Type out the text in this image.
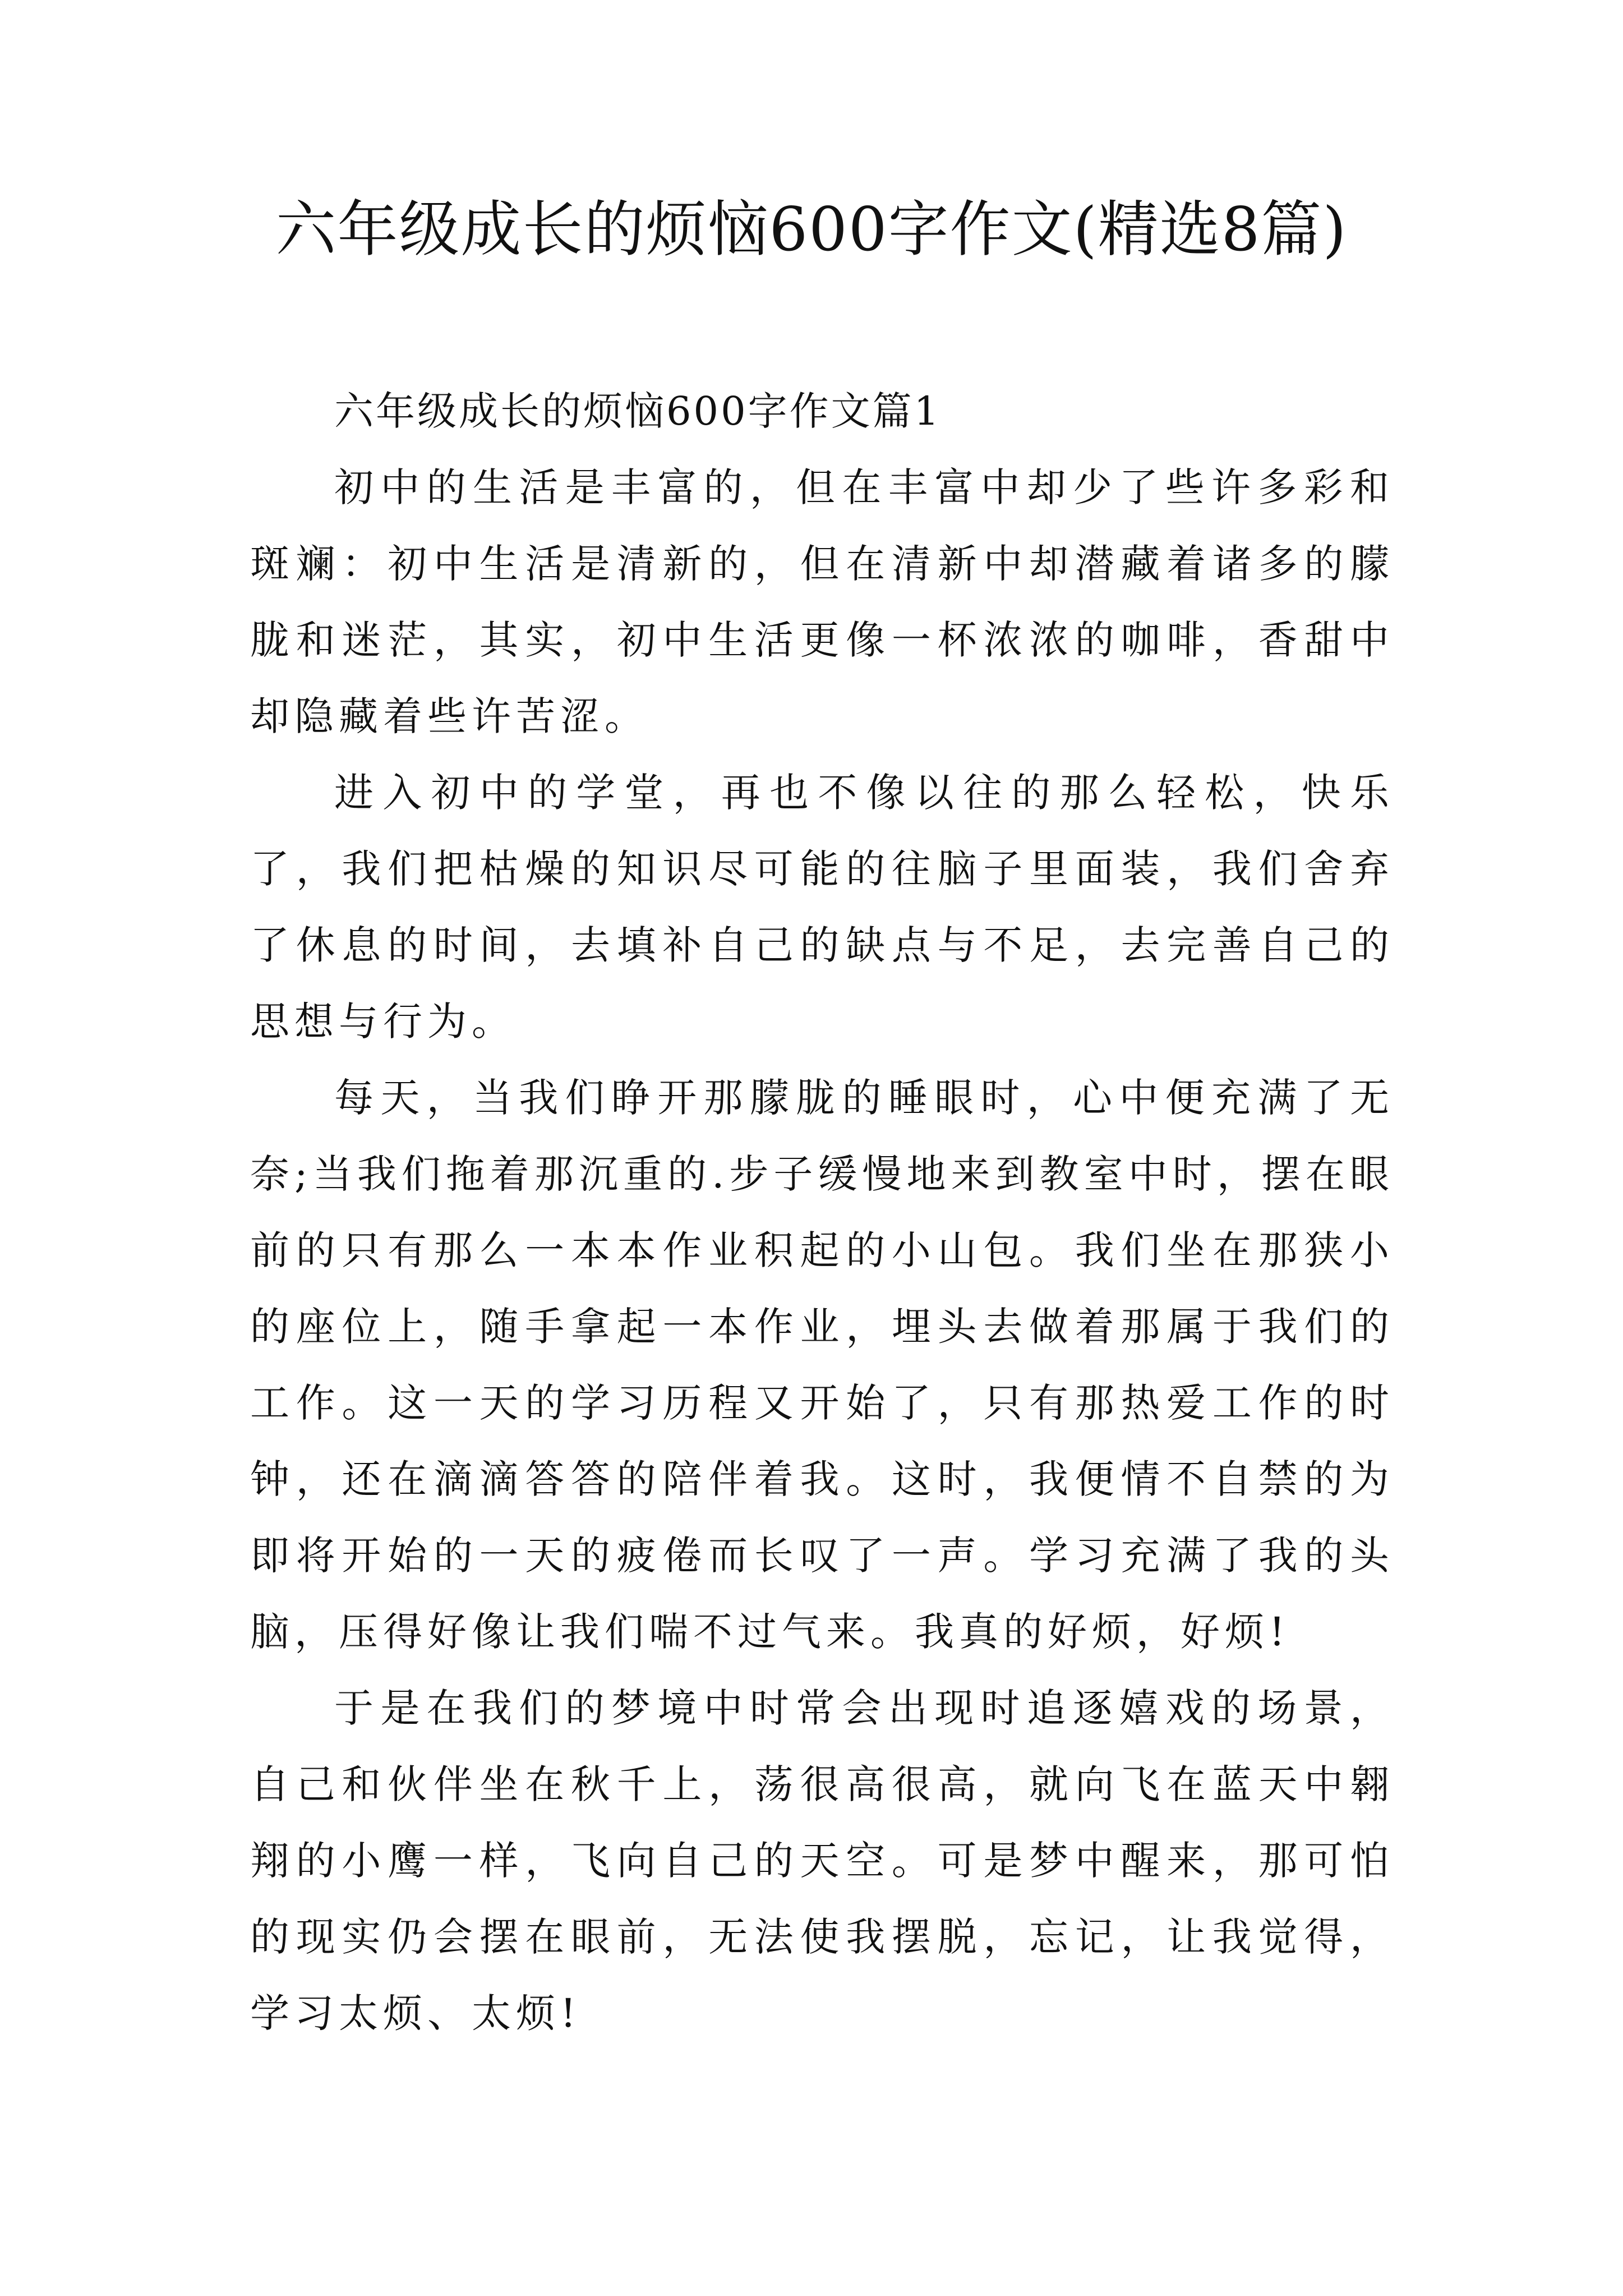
六年级成长的烦恼600字作文(精选8篇)

六年级成长的烦恼600字作文篇1

初中的生活是丰富的，但在丰富中却少了些许多彩和斑斓：初中生活是清新的，但在清新中却潜藏着诸多的朦胧和迷茫，其实，初中生活更像一杯浓浓的咖啡，香甜中却隐藏着些许苦涩。

进入初中的学堂，再也不像以往的那么轻松，快乐了，我们把枯燥的知识尽可能的往脑子里面装，我们舍弃了休息的时间，去填补自己的缺点与不足，去完善自己的思想与行为。

每天，当我们睁开那朦胧的睡眼时，心中便充满了无奈;当我们拖着那沉重的.步子缓慢地来到教室中时，摆在眼前的只有那么一本本作业积起的小山包。我们坐在那狭小的座位上，随手拿起一本作业，埋头去做着那属于我们的工作。这一天的学习历程又开始了，只有那热爱工作的时钟，还在滴滴答答的陪伴着我。这时，我便情不自禁的为即将开始的一天的疲倦而长叹了一声。学习充满了我的头脑，压得好像让我们喘不过气来。我真的好烦，好烦!

于是在我们的梦境中时常会出现时追逐嬉戏的场景，自己和伙伴坐在秋千上，荡很高很高，就向飞在蓝天中翱翔的小鹰一样，飞向自己的天空。可是梦中醒来，那可怕的现实仍会摆在眼前，无法使我摆脱，忘记，让我觉得，学习太烦、太烦!
